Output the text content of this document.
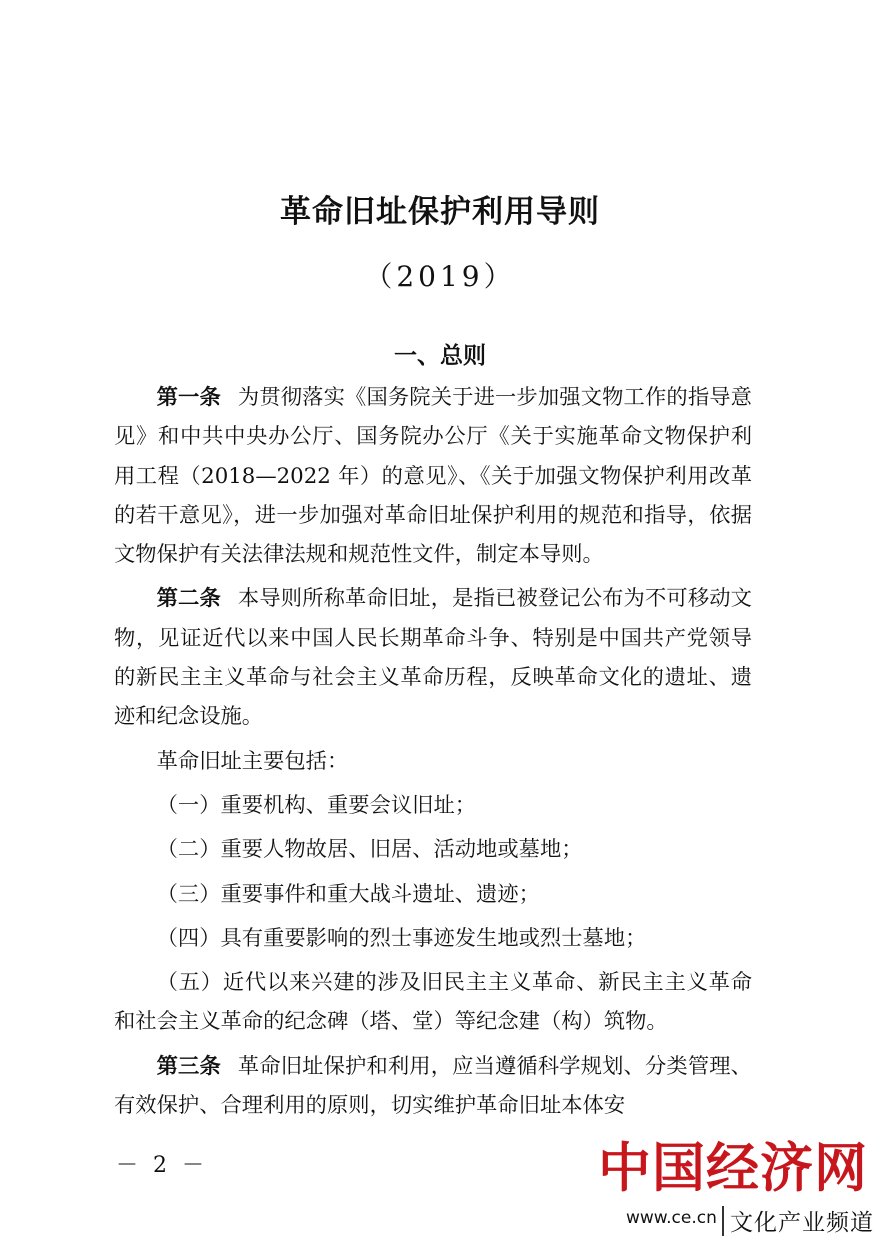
革命旧址保护利用导则
（2019）
一、总则

第一条 为贯彻落实《国务院关于进一步加强文物工作的指导意见》和中共中央办公厅、国务院办公厅《关于实施革命文物保护利用工程（2018—2022 年）的意见》、《关于加强文物保护利用改革的若干意见》，进一步加强对革命旧址保护利用的规范和指导，依据文物保护有关法律法规和规范性文件，制定本导则。

第二条 本导则所称革命旧址，是指已被登记公布为不可移动文物，见证近代以来中国人民长期革命斗争、特别是中国共产党领导的新民主主义革命与社会主义革命历程，反映革命文化的遗址、遗迹和纪念设施。

革命旧址主要包括：

（一）重要机构、重要会议旧址；

（二）重要人物故居、旧居、活动地或墓地；

（三）重要事件和重大战斗遗址、遗迹；

（四）具有重要影响的烈士事迹发生地或烈士墓地；

（五）近代以来兴建的涉及旧民主主义革命、新民主主义革命和社会主义革命的纪念碑（塔、堂）等纪念建（构）筑物。

第三条 革命旧址保护和利用，应当遵循科学规划、分类管理、有效保护、合理利用的原则，切实维护革命旧址本体安

－ 2 －	中国经济网
www.ce.cn 文化产业频道
